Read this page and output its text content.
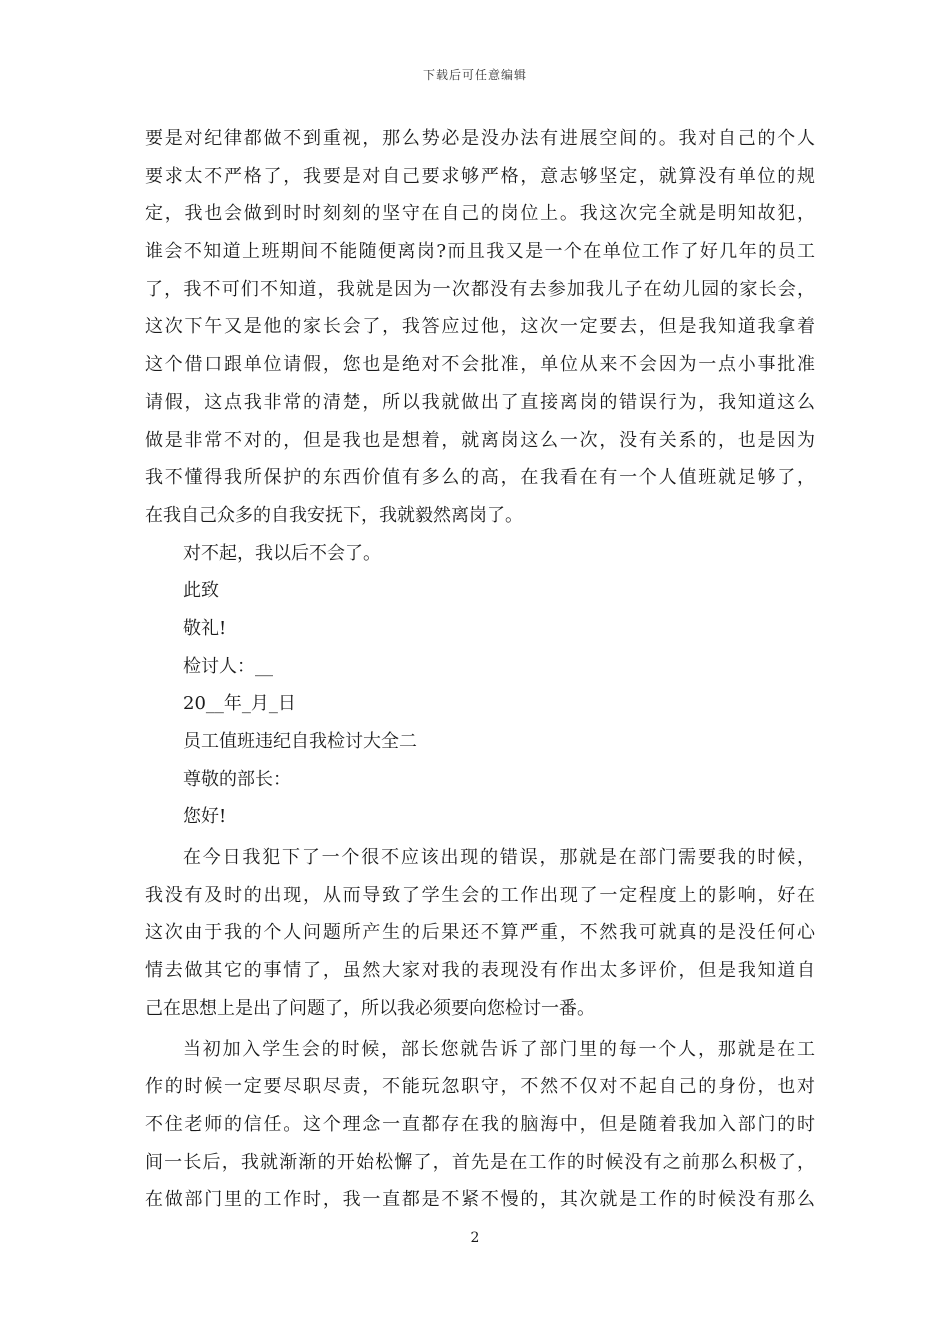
下载后可任意编辑
要是对纪律都做不到重视，那么势必是没办法有进展空间的。我对自己的个人
要求太不严格了，我要是对自己要求够严格，意志够坚定，就算没有单位的规
定，我也会做到时时刻刻的坚守在自己的岗位上。我这次完全就是明知故犯，
谁会不知道上班期间不能随便离岗?而且我又是一个在单位工作了好几年的员工
了，我不可们不知道，我就是因为一次都没有去参加我儿子在幼儿园的家长会，
这次下午又是他的家长会了，我答应过他，这次一定要去，但是我知道我拿着
这个借口跟单位请假，您也是绝对不会批准，单位从来不会因为一点小事批准
请假，这点我非常的清楚，所以我就做出了直接离岗的错误行为，我知道这么
做是非常不对的，但是我也是想着，就离岗这么一次，没有关系的，也是因为
我不懂得我所保护的东西价值有多么的高，在我看在有一个人值班就足够了，
在我自己众多的自我安抚下，我就毅然离岗了。
对不起，我以后不会了。
此致
敬礼!
检讨人：__
20__年_月_日
员工值班违纪自我检讨大全二
尊敬的部长：
您好!
在今日我犯下了一个很不应该出现的错误，那就是在部门需要我的时候，
我没有及时的出现，从而导致了学生会的工作出现了一定程度上的影响，好在
这次由于我的个人问题所产生的后果还不算严重，不然我可就真的是没任何心
情去做其它的事情了，虽然大家对我的表现没有作出太多评价，但是我知道自
己在思想上是出了问题了，所以我必须要向您检讨一番。
当初加入学生会的时候，部长您就告诉了部门里的每一个人，那就是在工
作的时候一定要尽职尽责，不能玩忽职守，不然不仅对不起自己的身份，也对
不住老师的信任。这个理念一直都存在我的脑海中，但是随着我加入部门的时
间一长后，我就渐渐的开始松懈了，首先是在工作的时候没有之前那么积极了，
在做部门里的工作时，我一直都是不紧不慢的，其次就是工作的时候没有那么
2
